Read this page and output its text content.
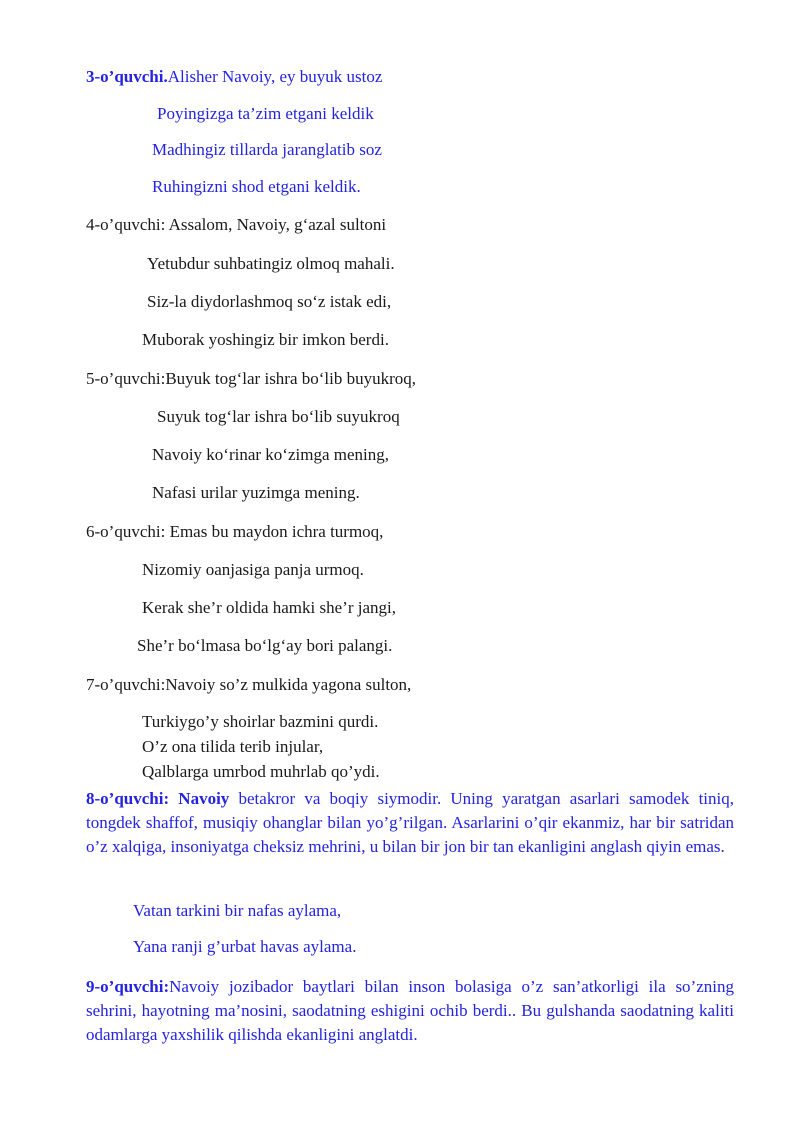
3-o’quvchi.Alisher Navoiy, ey buyuk ustoz
Poyingizga ta’zim etgani keldik
Madhingiz tillarda jaranglatib soz
Ruhingizni shod etgani keldik.
4-o’quvchi: Assalom, Navoiy, g‘azal sultoni
Yetubdur suhbatingiz olmoq mahali.
Siz-la diydorlashmoq so‘z istak edi,
Muborak yoshingiz bir imkon berdi.
5-o’quvchi:Buyuk tog‘lar ishra bo‘lib buyukroq,
Suyuk tog‘lar ishra bo‘lib suyukroq
Navoiy ko‘rinar ko‘zimga mening,
Nafasi urilar yuzimga mening.
6-o’quvchi: Emas bu maydon ichra turmoq,
Nizomiy oanjasiga panja urmoq.
Kerak she’r oldida hamki she’r jangi,
She’r bo‘lmasa bo‘lg‘ay bori palangi.
7-o’quvchi:Navoiy so’z mulkida yagona sulton,
Turkiygo’y shoirlar bazmini qurdi.
O’z ona tilida terib injular,
Qalblarga umrbod muhrlab qo’ydi.
8-o’quvchi: Navoiy betakror va boqiy siymodir. Uning yaratgan asarlari samodek tiniq, tongdek shaffof, musiqiy ohanglar bilan yo’g’rilgan. Asarlarini o’qir ekanmiz, har bir satridan o’z xalqiga, insoniyatga cheksiz mehrini, u bilan bir jon bir tan ekanligini anglash qiyin emas.
Vatan tarkini bir nafas aylama,
Yana ranji g’urbat havas aylama.
9-o’quvchi:Navoiy jozibador baytlari bilan inson bolasiga o’z san’atkorligi ila so’zning sehrini, hayotning ma’nosini, saodatning eshigini ochib berdi.. Bu gulshanda saodatning kaliti odamlarga yaxshilik qilishda ekanligini anglatdi.
